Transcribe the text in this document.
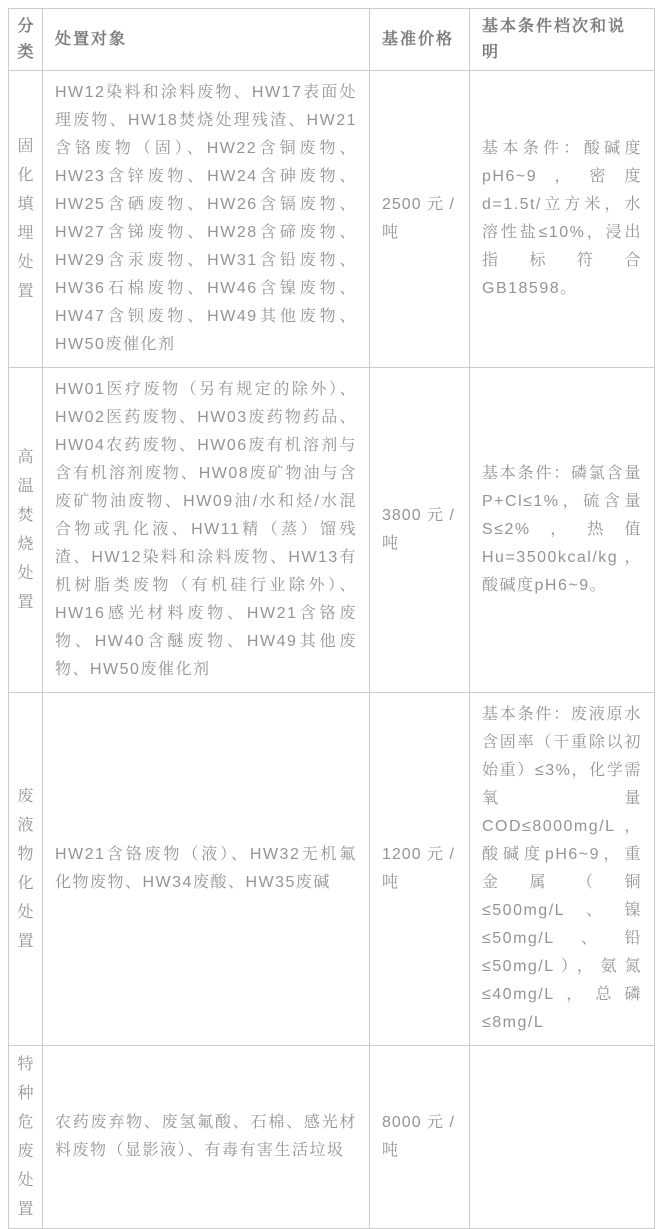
分类	处置对象	基准价格	基本条件档次和说明
固化填埋处置	HW12染料和涂料废物、HW17表面处理废物、HW18焚烧处理残渣、HW21含铬废物（固）、HW22含铜废物、HW23含锌废物、HW24含砷废物、HW25含硒废物、HW26含镉废物、HW27含锑废物、HW28含碲废物、HW29含汞废物、HW31含铅废物、HW36石棉废物、HW46含镍废物、HW47含钡废物、HW49其他废物、HW50废催化剂	2500 元 / 吨	基本条件：酸碱度pH6~9，密度d=1.5t/立方米，水溶性盐≤10%，浸出指标符合GB18598。
高温焚烧处置	HW01医疗废物（另有规定的除外）、HW02医药废物、HW03废药物药品、HW04农药废物、HW06废有机溶剂与含有机溶剂废物、HW08废矿物油与含废矿物油废物、HW09油/水和烃/水混合物或乳化液、HW11精（蒸）馏残渣、HW12染料和涂料废物、HW13有机树脂类废物（有机硅行业除外）、HW16感光材料废物、HW21含铬废物、HW40含醚废物、HW49其他废物、HW50废催化剂	3800 元 / 吨	基本条件：磷氯含量P+Cl≤1%，硫含量S≤2%，热值Hu=3500kcal/kg，酸碱度pH6~9。
废液物化处置	HW21含铬废物（液）、HW32无机氟化物废物、HW34废酸、HW35废碱	1200 元 / 吨	基本条件：废液原水含固率（干重除以初始重）≤3%，化学需氧量COD≤8000mg/L，酸碱度pH6~9，重金属（铜≤500mg/L、镍≤50mg/L、铅≤50mg/L），氨氮≤40mg/L，总磷≤8mg/L
特种危废处置	农药废弃物、废氢氟酸、石棉、感光材料废物（显影液）、有毒有害生活垃圾	8000 元 / 吨	
